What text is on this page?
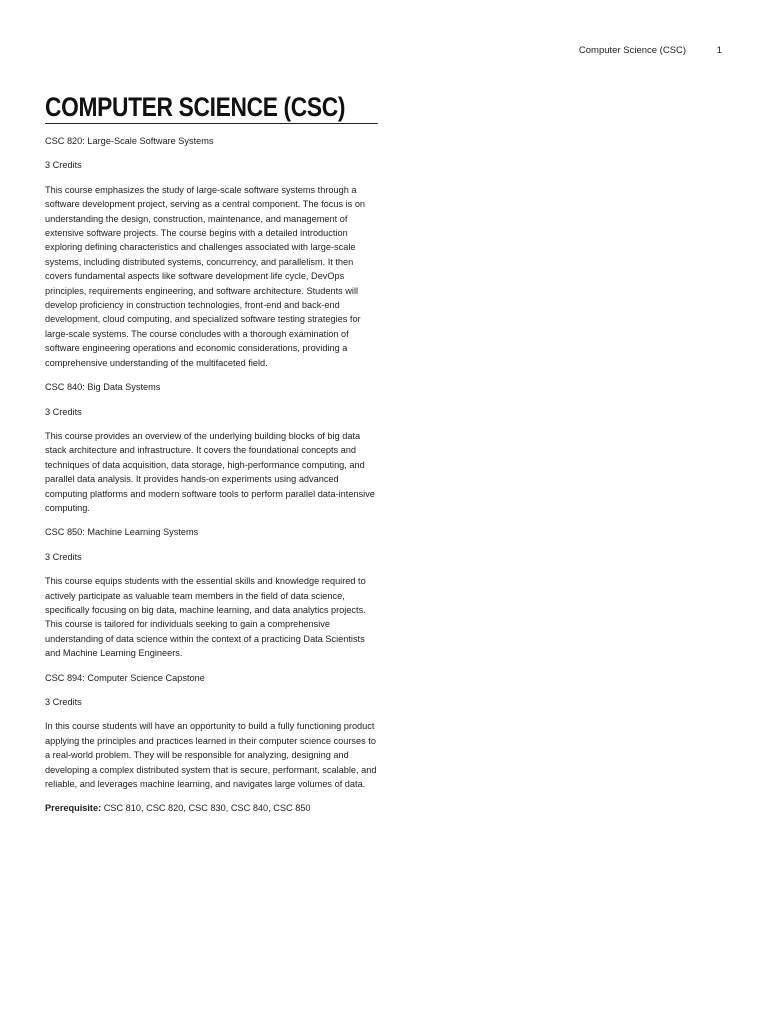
Computer Science (CSC)	1
COMPUTER SCIENCE (CSC)

CSC 820: Large-Scale Software Systems

3 Credits

This course emphasizes the study of large-scale software systems through a software development project, serving as a central component. The focus is on understanding the design, construction, maintenance, and management of extensive software projects. The course begins with a detailed introduction exploring defining characteristics and challenges associated with large-scale systems, including distributed systems, concurrency, and parallelism. It then covers fundamental aspects like software development life cycle, DevOps principles, requirements engineering, and software architecture. Students will develop proficiency in construction technologies, front-end and back-end development, cloud computing, and specialized software testing strategies for large-scale systems. The course concludes with a thorough examination of software engineering operations and economic considerations, providing a comprehensive understanding of the multifaceted field.

CSC 840: Big Data Systems

3 Credits

This course provides an overview of the underlying building blocks of big data stack architecture and infrastructure. It covers the foundational concepts and techniques of data acquisition, data storage, high-performance computing, and parallel data analysis. It provides hands-on experiments using advanced computing platforms and modern software tools to perform parallel data-intensive computing.

CSC 850: Machine Learning Systems

3 Credits

This course equips students with the essential skills and knowledge required to actively participate as valuable team members in the field of data science, specifically focusing on big data, machine learning, and data analytics projects. This course is tailored for individuals seeking to gain a comprehensive understanding of data science within the context of a practicing Data Scientists and Machine Learning Engineers.

CSC 894: Computer Science Capstone

3 Credits

In this course students will have an opportunity to build a fully functioning product applying the principles and practices learned in their computer science courses to a real-world problem. They will be responsible for analyzing, designing and developing a complex distributed system that is secure, performant, scalable, and reliable, and leverages machine learning, and navigates large volumes of data.

Prerequisite: CSC 810, CSC 820, CSC 830, CSC 840, CSC 850
